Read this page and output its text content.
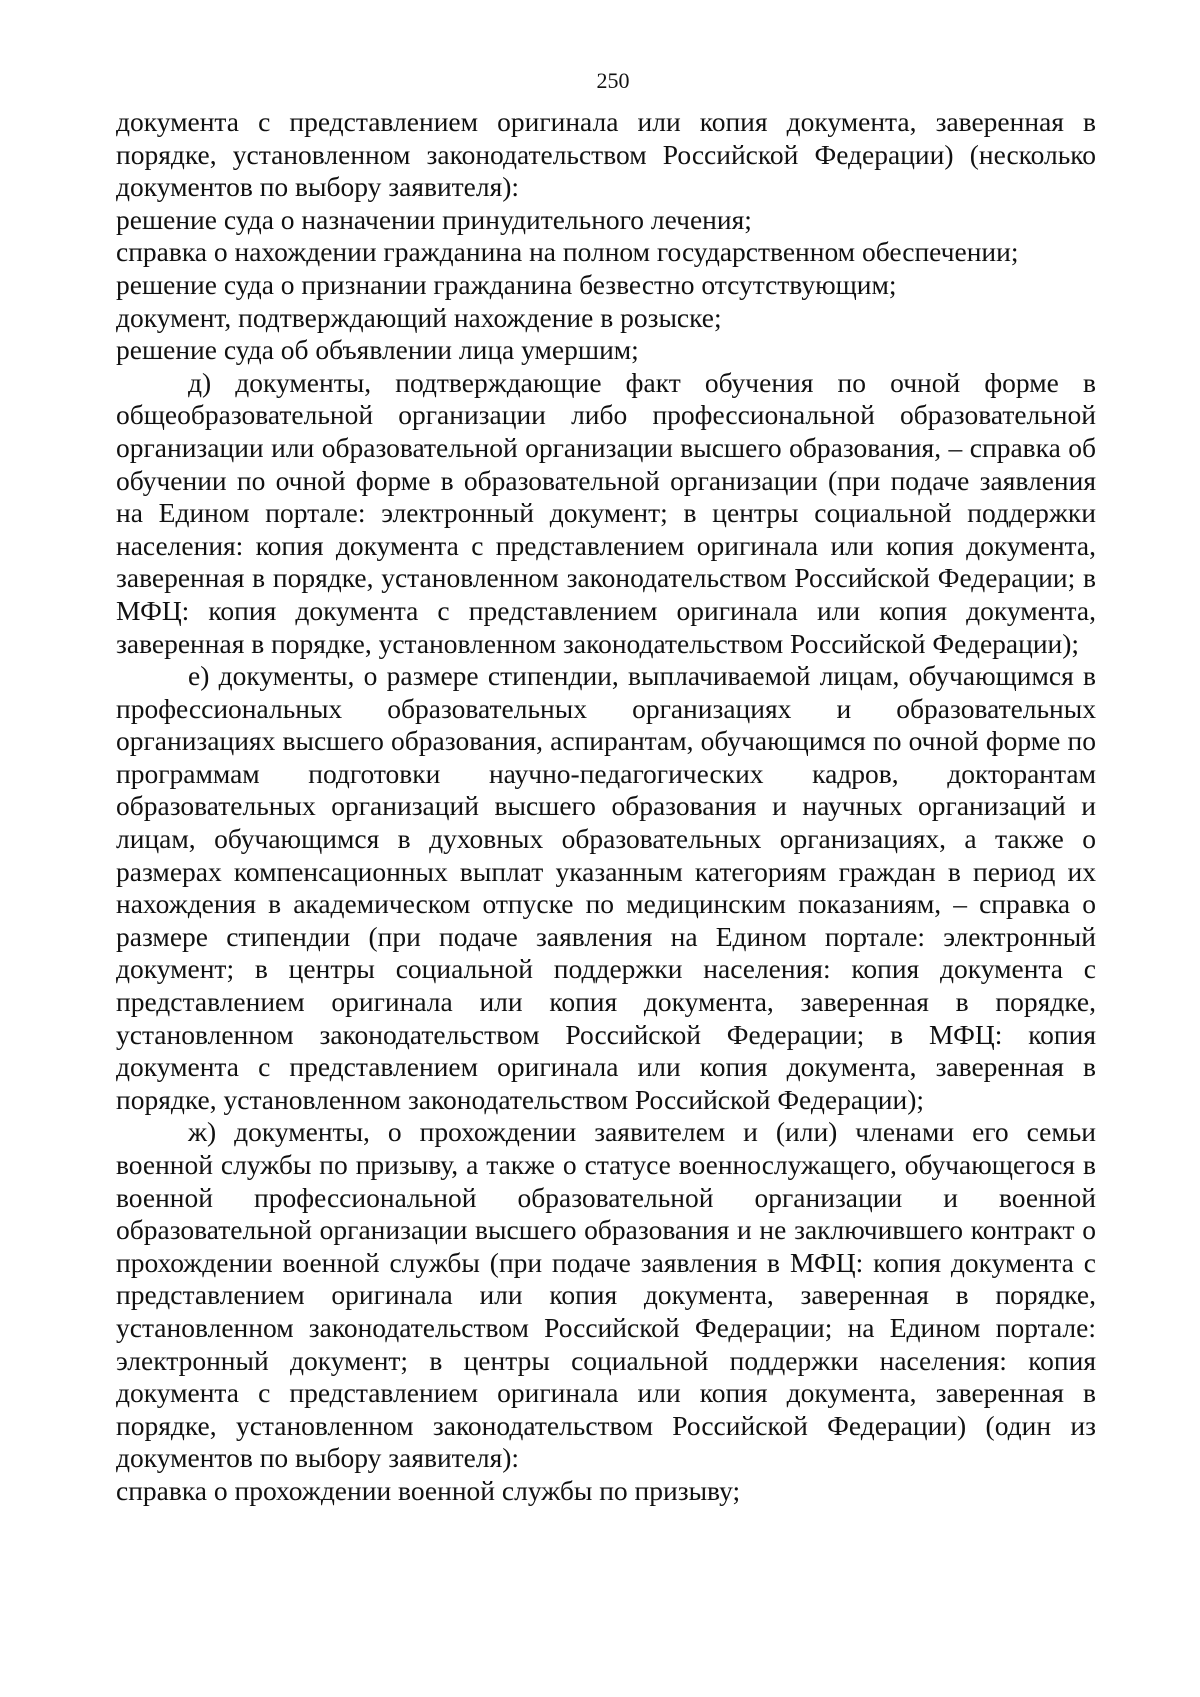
250

документа с представлением оригинала или копия документа, заверенная в порядке, установленном законодательством Российской Федерации) (несколько документов по выбору заявителя):

решение суда о назначении принудительного лечения;

справка о нахождении гражданина на полном государственном обеспечении;

решение суда о признании гражданина безвестно отсутствующим;

документ, подтверждающий нахождение в розыске;

решение суда об объявлении лица умершим;

д) документы, подтверждающие факт обучения по очной форме в общеобразовательной организации либо профессиональной образовательной организации или образовательной организации высшего образования, – справка об обучении по очной форме в образовательной организации (при подаче заявления на Едином портале: электронный документ; в центры социальной поддержки населения: копия документа с представлением оригинала или копия документа, заверенная в порядке, установленном законодательством Российской Федерации; в МФЦ: копия документа с представлением оригинала или копия документа, заверенная в порядке, установленном законодательством Российской Федерации);

е) документы, о размере стипендии, выплачиваемой лицам, обучающимся в профессиональных образовательных организациях и образовательных организациях высшего образования, аспирантам, обучающимся по очной форме по программам подготовки научно-педагогических кадров, докторантам образовательных организаций высшего образования и научных организаций и лицам, обучающимся в духовных образовательных организациях, а также о размерах компенсационных выплат указанным категориям граждан в период их нахождения в академическом отпуске по медицинским показаниям, – справка о размере стипендии (при подаче заявления на Едином портале: электронный документ; в центры социальной поддержки населения: копия документа с представлением оригинала или копия документа, заверенная в порядке, установленном законодательством Российской Федерации; в МФЦ: копия документа с представлением оригинала или копия документа, заверенная в порядке, установленном законодательством Российской Федерации);

ж) документы, о прохождении заявителем и (или) членами его семьи военной службы по призыву, а также о статусе военнослужащего, обучающегося в военной профессиональной образовательной организации и военной образовательной организации высшего образования и не заключившего контракт о прохождении военной службы (при подаче заявления в МФЦ: копия документа с представлением оригинала или копия документа, заверенная в порядке, установленном законодательством Российской Федерации; на Едином портале: электронный документ; в центры социальной поддержки населения: копия документа с представлением оригинала или копия документа, заверенная в порядке, установленном законодательством Российской Федерации) (один из документов по выбору заявителя):

справка о прохождении военной службы по призыву;
